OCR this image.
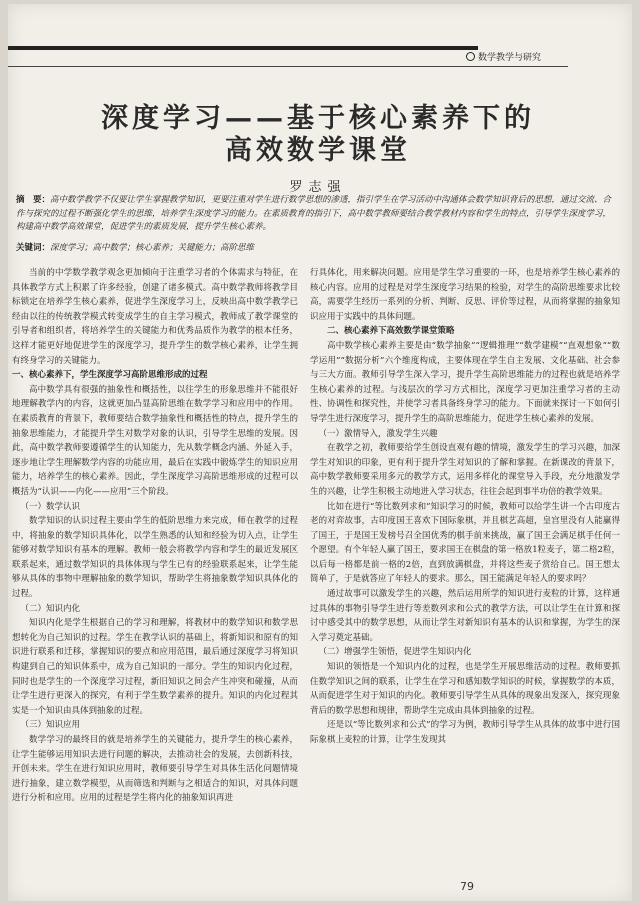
数学教学与研究
深度学习——基于核心素养下的
高效数学课堂
罗志强
摘　要：高中数学教学不仅要让学生掌握教学知识，更要注重对学生进行数学思想的渗透，指引学生在学习活动中沟通体会数学知识背后的思想，通过交流、合作与探究的过程不断强化学生的思维，培养学生深度学习的能力。在素质教育的指引下，高中数学教师要结合教学教材内容和学生的特点，引导学生深度学习，构建高中数学高效课堂，促进学生的素质发展，提升学生核心素养。
关键词：深度学习；高中数学；核心素养；关键能力；高阶思维

当前的中学数学教学观念更加倾向于注重学习者的个体需求与特征，在具体教学方式上积累了许多经验，创建了诸多模式。高中数学教师将教学目标锁定在培养学生核心素养，促进学生深度学习上，反映出高中数学教学已经由以往的传统教学模式转变成学生的自主学习模式，教师成了教学课堂的引导者和组织者，将培养学生的关键能力和优秀品质作为教学的根本任务，这样才能更好地促进学生的深度学习，提升学生的数学核心素养，让学生拥有终身学习的关键能力。

一、核心素养下，学生深度学习高阶思维形成的过程

高中数学具有很强的抽象性和概括性，以往学生的形象思维并不能很好地理解教学内的内容，这就更加凸显高阶思维在数学学习和应用中的作用。在素质教育的背景下，教师要结合数学抽象性和概括性的特点，提升学生的抽象思维能力，才能提升学生对数学对象的认识，引导学生思维的发展。因此，高中数学教师要遵循学生的认知能力，先从数学概念内涵、外延入手，逐步地让学生理解数学内容的功能应用，最后在实践中锻炼学生的知识应用能力，培养学生的核心素养。因此，学生深度学习高阶思维形成的过程可以概括为“认识——内化——应用”三个阶段。

（一）数学认识

数学知识的认识过程主要由学生的低阶思维力来完成，师在教学的过程中，将抽象的数学知识具体化，以学生熟悉的认知和经验为切入点，让学生能够对数学知识有基本的理解。教师一般会将教学内容和学生的最近发展区联系起来，通过数学知识的具体体现与学生已有的经验联系起来，让学生能够从具体的事物中理解抽象的数学知识，帮助学生将抽象数学知识具体化的过程。

（二）知识内化

知识内化是学生根据自己的学习和理解，将教材中的数学知识和数学思想转化为自己知识的过程。学生在教学认识的基础上，将新知识和原有的知识进行联系和迁移，掌握知识的要点和应用范围，最后通过深度学习将知识构建到自己的知识体系中，成为自己知识的一部分。学生的知识内化过程，同时也是学生的一个深度学习过程，新旧知识之间会产生冲突和碰撞，从而让学生进行更深入的探究，有利于学生数学素养的提升。知识的内化过程其实是一个知识由具体到抽象的过程。

（三）知识应用

数学学习的最终目的就是培养学生的关键能力，提升学生的核心素养，让学生能够运用知识去进行问题的解决，去推动社会的发展，去创新科技，开创未来。学生在进行知识应用时，教师要引导学生对具体生活化问题情境进行抽象，建立数学模型，从而筛选和判断与之相适合的知识，对具体问题进行分析和应用。应用的过程是学生将内化的抽象知识再进

行具体化，用来解决问题。应用是学生学习重要的一环，也是培养学生核心素养的核心内容。应用的过程是对学生深度学习结果的检验，对学生的高阶思维要求比较高，需要学生经历一系列的分析、判断、反思、评价等过程，从而将掌握的抽象知识应用于实践中的具体问题。

二、核心素养下高效数学课堂策略

高中数学核心素养主要是由“数学抽象”“逻辑推理”“数学建模”“直观想象”“数学运用”“数据分析”六个维度构成，主要体现在学生自主发展、文化基础、社会参与三大方面。教师引导学生深入学习，提升学生高阶思维能力的过程也就是培养学生核心素养的过程。与浅层次的学习方式相比，深度学习更加注重学习者的主动性、协调性和探究性，并使学习者具备终身学习的能力。下面就来探讨一下如何引导学生进行深度学习，提升学生的高阶思维能力，促进学生核心素养的发展。

（一）激情导入，激发学生兴趣

在教学之初，教师要给学生创设直观有趣的情境，激发学生的学习兴趣，加深学生对知识的印象，更有利于提升学生对知识的了解和掌握。在新课改的背景下，高中数学教师要采用多元的教学方式，运用多样化的课堂导入手段，充分地激发学生的兴趣，让学生积极主动地进入学习状态，往往会起到事半功倍的教学效果。

比如在进行“等比数列求和”知识学习的时候，教师可以给学生讲一个古印度古老的对弈故事，古印度国王喜欢下国际象棋，并且棋艺高超，皇宫里没有人能赢得了国王，于是国王发榜号召全国优秀的棋手前来挑战，赢了国王会满足棋手任何一个愿望。有个年轻人赢了国王，要求国王在棋盘的第一格放1粒麦子，第二格2粒，以后每一格都是前一格的2倍，直到放满棋盘，并将这些麦子赏给自己。国王想太简单了，于是就答应了年轻人的要求。那么，国王能满足年轻人的要求吗？

通过故事可以激发学生的兴趣，然后运用所学的知识进行麦粒的计算，这样通过具体的事物引导学生进行等差数列求和公式的教学方法，可以让学生在计算和探讨中感受其中的数学思想，从而让学生对新知识有基本的认识和掌握，为学生的深入学习奠定基础。

（二）增强学生领悟，促进学生知识内化

知识的领悟是一个知识内化的过程，也是学生开展思维活动的过程。教师要抓住数学知识之间的联系，让学生在学习和感知数学知识的时候，掌握数学的本质，从而促进学生对于知识的内化。教师要引导学生从具体的现象出发深入，探究现象背后的数学思想和规律，帮助学生完成由具体到抽象的过程。

还是以“等比数列求和公式”的学习为例，教师引导学生从具体的故事中进行国际象棋上麦粒的计算，让学生发现其

79
